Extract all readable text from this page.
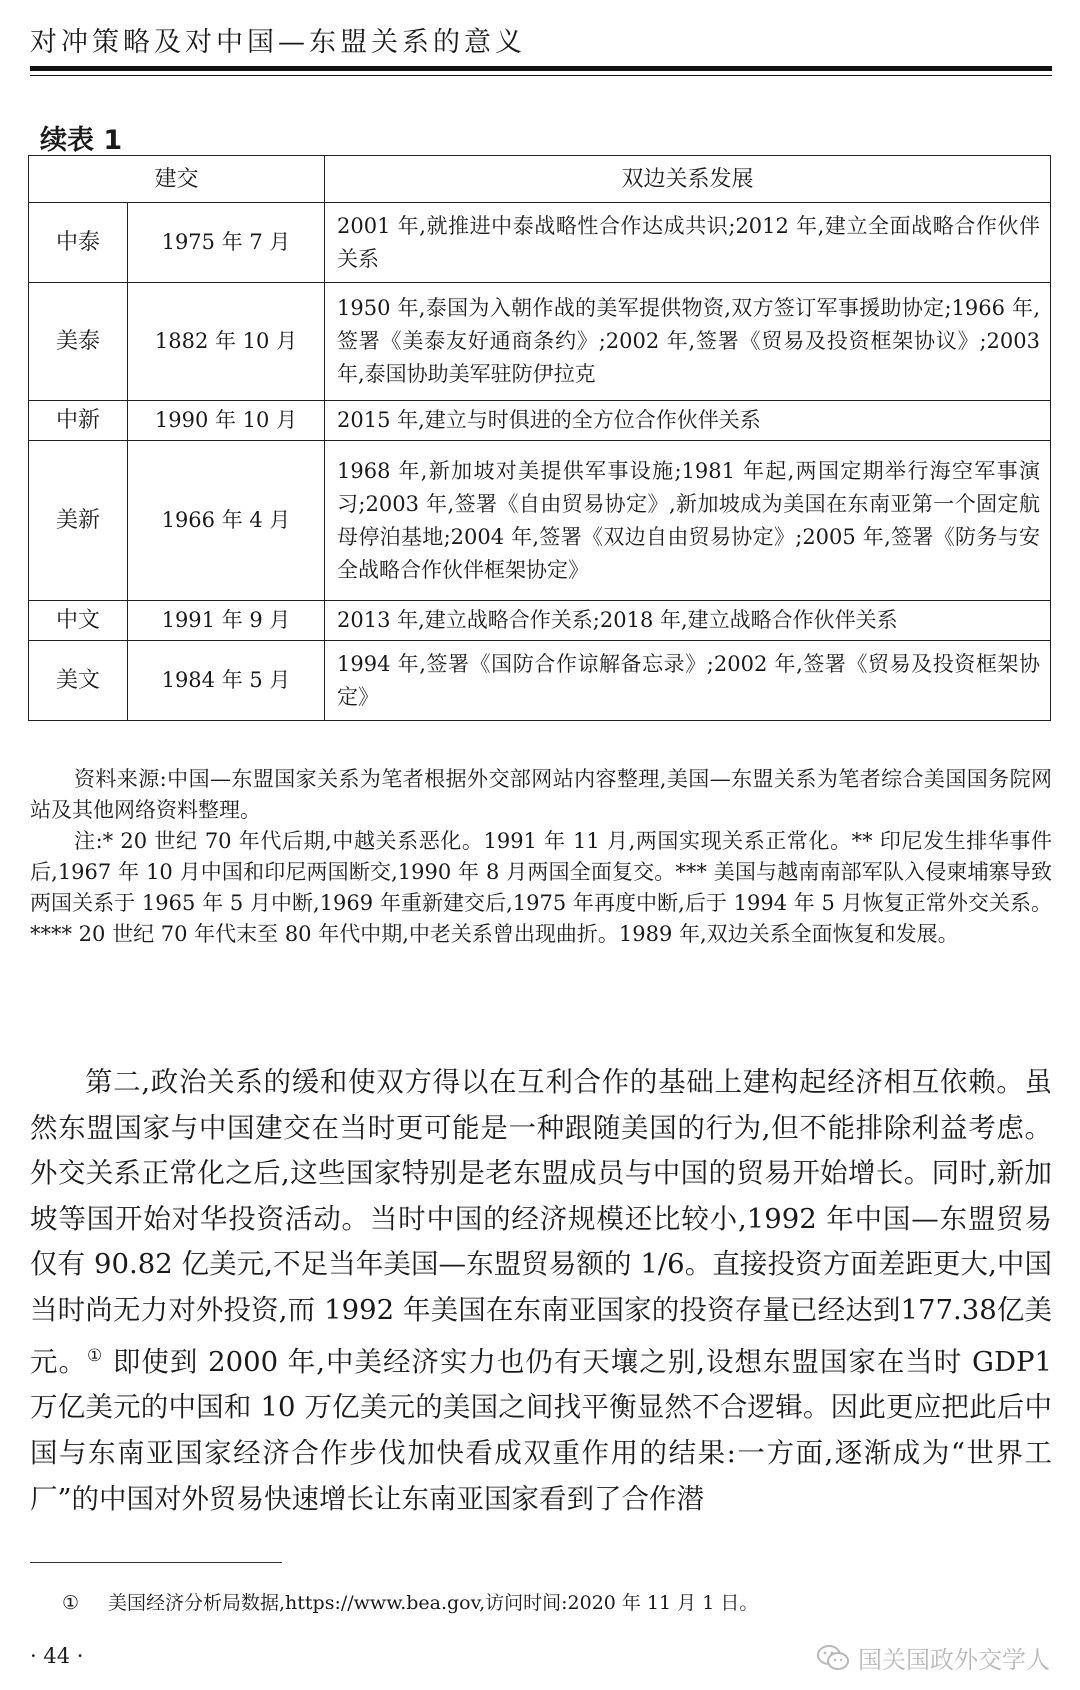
对冲策略及对中国—东盟关系的意义
续表 1
建交		双边关系发展
中泰	1975 年 7 月	2001 年,就推进中泰战略性合作达成共识;2012 年,建立全面战略合作伙伴关系
美泰	1882 年 10 月	1950 年,泰国为入朝作战的美军提供物资,双方签订军事援助协定;1966 年,签署《美泰友好通商条约》;2002 年,签署《贸易及投资框架协议》;2003 年,泰国协助美军驻防伊拉克
中新	1990 年 10 月	2015 年,建立与时俱进的全方位合作伙伴关系
美新	1966 年 4 月	1968 年,新加坡对美提供军事设施;1981 年起,两国定期举行海空军事演习;2003 年,签署《自由贸易协定》,新加坡成为美国在东南亚第一个固定航母停泊基地;2004 年,签署《双边自由贸易协定》;2005 年,签署《防务与安全战略合作伙伴框架协定》
中文	1991 年 9 月	2013 年,建立战略合作关系;2018 年,建立战略合作伙伴关系
美文	1984 年 5 月	1994 年,签署《国防合作谅解备忘录》;2002 年,签署《贸易及投资框架协定》

资料来源:中国—东盟国家关系为笔者根据外交部网站内容整理,美国—东盟关系为笔者综合美国国务院网站及其他网络资料整理。

注:* 20 世纪 70 年代后期,中越关系恶化。1991 年 11 月,两国实现关系正常化。** 印尼发生排华事件后,1967 年 10 月中国和印尼两国断交,1990 年 8 月两国全面复交。*** 美国与越南南部军队入侵柬埔寨导致两国关系于 1965 年 5 月中断,1969 年重新建交后,1975 年再度中断,后于 1994 年 5 月恢复正常外交关系。**** 20 世纪 70 年代末至 80 年代中期,中老关系曾出现曲折。1989 年,双边关系全面恢复和发展。

第二,政治关系的缓和使双方得以在互利合作的基础上建构起经济相互依赖。虽然东盟国家与中国建交在当时更可能是一种跟随美国的行为,但不能排除利益考虑。外交关系正常化之后,这些国家特别是老东盟成员与中国的贸易开始增长。同时,新加坡等国开始对华投资活动。当时中国的经济规模还比较小,1992 年中国—东盟贸易仅有 90.82 亿美元,不足当年美国—东盟贸易额的 1/6。直接投资方面差距更大,中国当时尚无力对外投资,而 1992 年美国在东南亚国家的投资存量已经达到177.38亿美元。① 即使到 2000 年,中美经济实力也仍有天壤之别,设想东盟国家在当时 GDP1 万亿美元的中国和 10 万亿美元的美国之间找平衡显然不合逻辑。因此更应把此后中国与东南亚国家经济合作步伐加快看成双重作用的结果:一方面,逐渐成为“世界工厂”的中国对外贸易快速增长让东南亚国家看到了合作潜

① 美国经济分析局数据,https://www.bea.gov,访问时间:2020 年 11 月 1 日。
· 44 ·	国关国政外交学人
